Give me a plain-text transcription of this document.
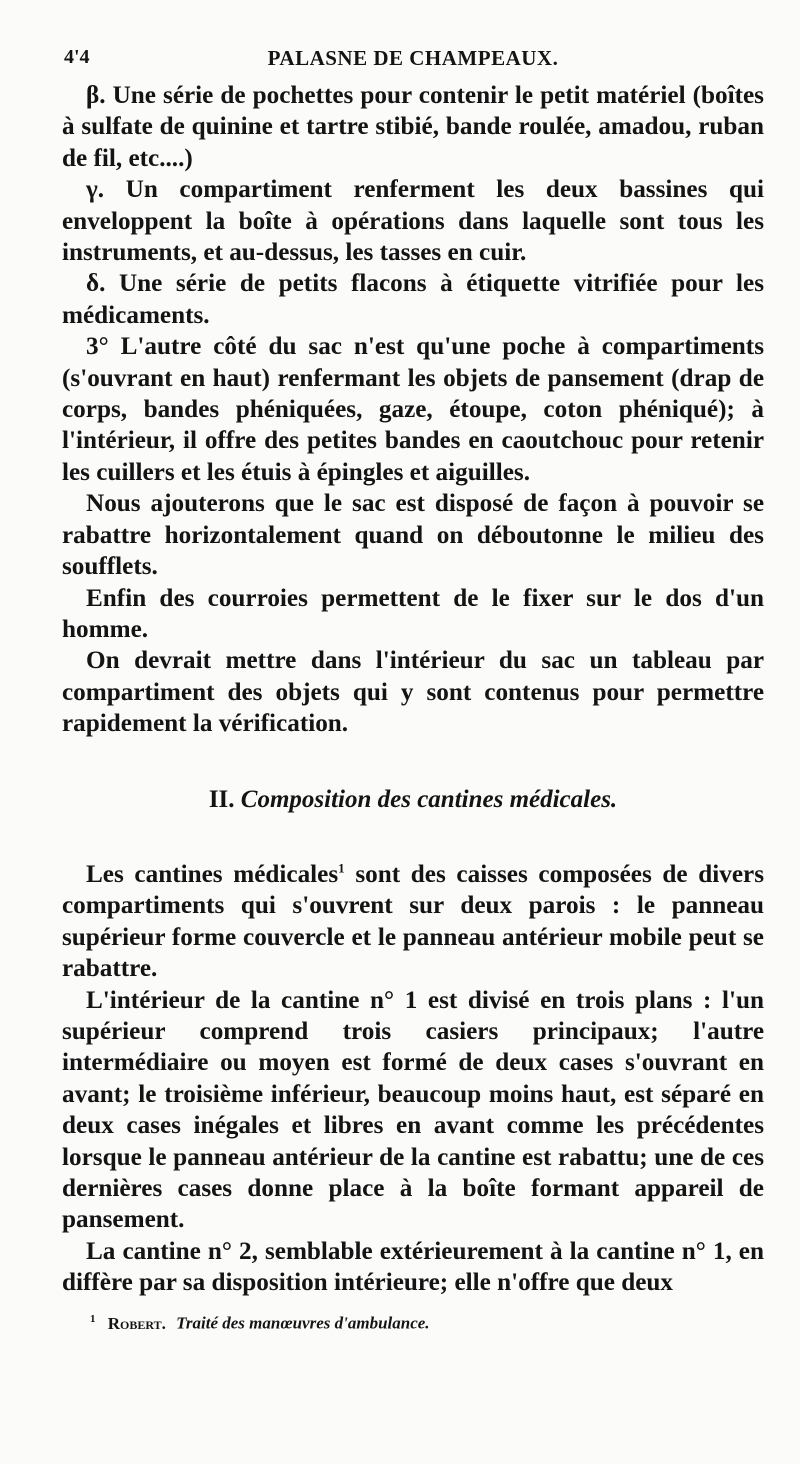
4'4	PALASNE DE CHAMPEAUX.

β. Une série de pochettes pour contenir le petit matériel (boîtes à sulfate de quinine et tartre stibié, bande roulée, amadou, ruban de fil, etc....)

γ. Un compartiment renferment les deux bassines qui enveloppent la boîte à opérations dans laquelle sont tous les instruments, et au-dessus, les tasses en cuir.

δ. Une série de petits flacons à étiquette vitrifiée pour les médicaments.

3° L'autre côté du sac n'est qu'une poche à compartiments (s'ouvrant en haut) renfermant les objets de pansement (drap de corps, bandes phéniquées, gaze, étoupe, coton phéniqué); à l'intérieur, il offre des petites bandes en caoutchouc pour retenir les cuillers et les étuis à épingles et aiguilles.

Nous ajouterons que le sac est disposé de façon à pouvoir se rabattre horizontalement quand on déboutonne le milieu des soufflets.

Enfin des courroies permettent de le fixer sur le dos d'un homme.

On devrait mettre dans l'intérieur du sac un tableau par compartiment des objets qui y sont contenus pour permettre rapidement la vérification.

II. Composition des cantines médicales.

Les cantines médicales$^1$ sont des caisses composées de divers compartiments qui s'ouvrent sur deux parois : le panneau supérieur forme couvercle et le panneau antérieur mobile peut se rabattre.

L'intérieur de la cantine n° 1 est divisé en trois plans : l'un supérieur comprend trois casiers principaux; l'autre intermédiaire ou moyen est formé de deux cases s'ouvrant en avant; le troisième inférieur, beaucoup moins haut, est séparé en deux cases inégales et libres en avant comme les précédentes lorsque le panneau antérieur de la cantine est rabattu; une de ces dernières cases donne place à la boîte formant appareil de pansement.

La cantine n° 2, semblable extérieurement à la cantine n° 1, en diffère par sa disposition intérieure; elle n'offre que deux

$^1$ Robert. Traité des manœuvres d'ambulance.
